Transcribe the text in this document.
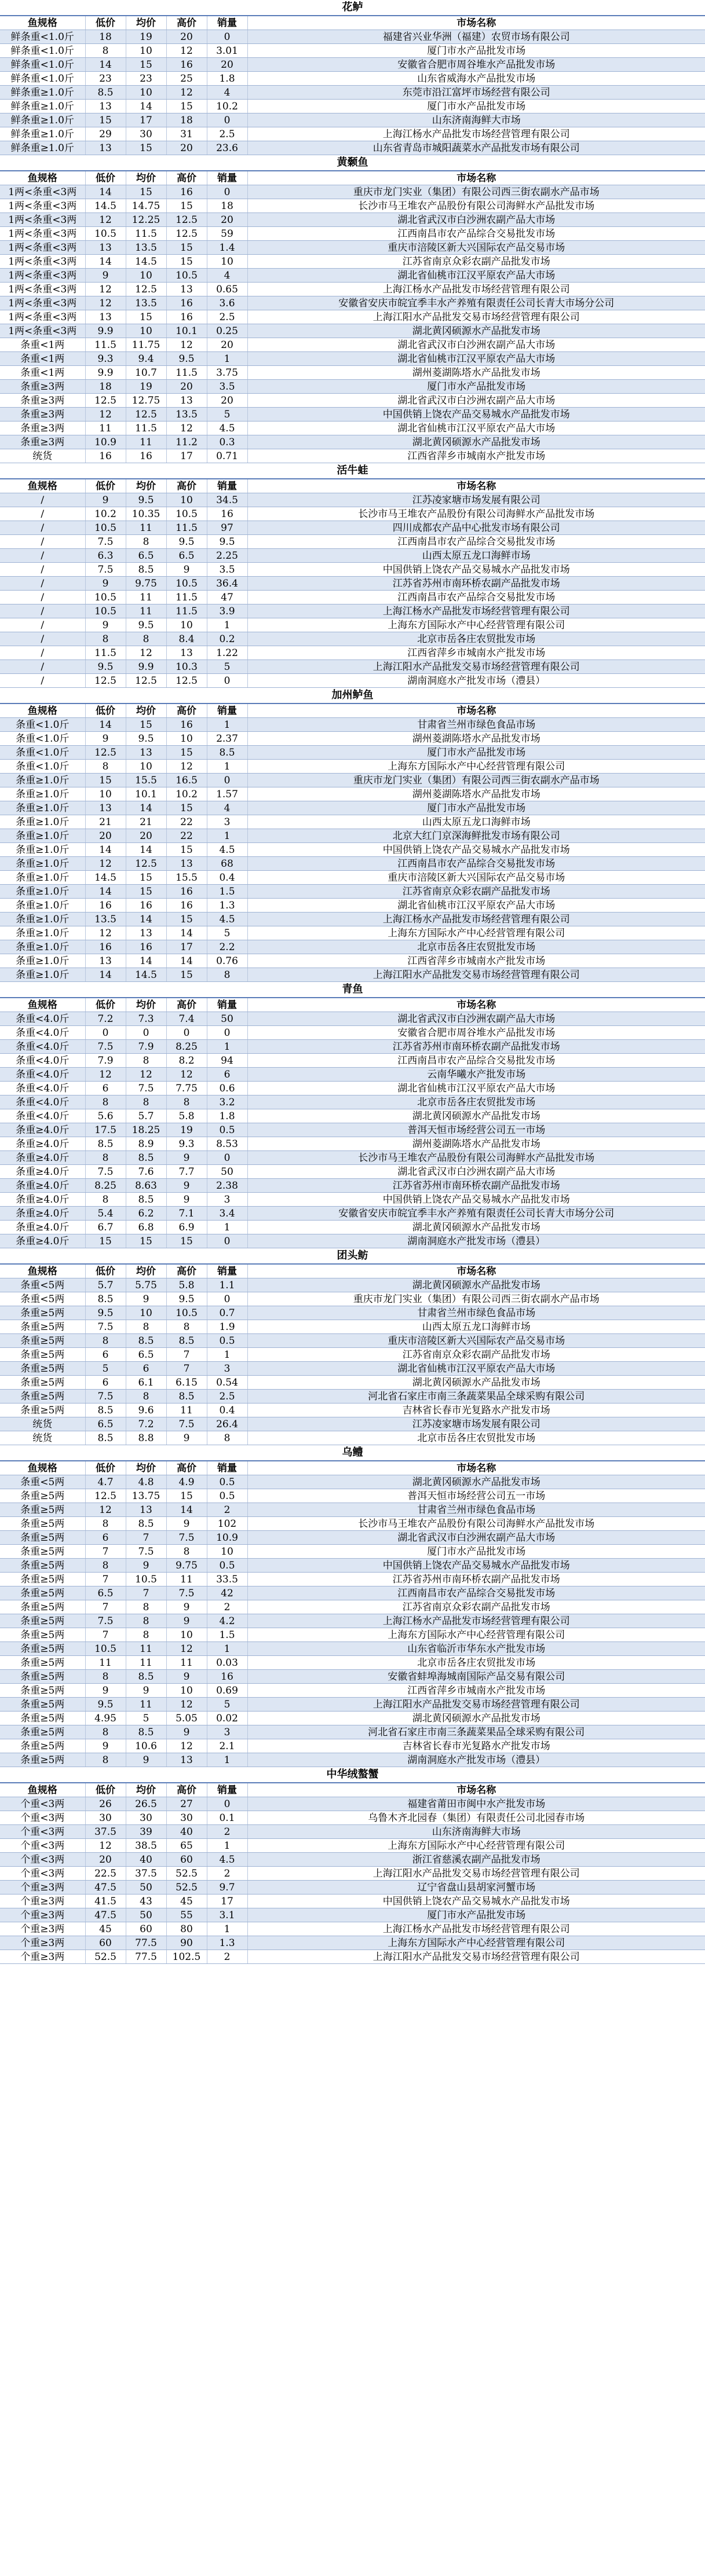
花鲈					
鱼规格	低价	均价	高价	销量	市场名称
鲜条重<1.0斤	18	19	20	0	福建省兴业华洲（福建）农贸市场有限公司
鲜条重<1.0斤	8	10	12	3.01	厦门市水产品批发市场
鲜条重<1.0斤	14	15	16	20	安徽省合肥市周谷堆水产品批发市场
鲜条重<1.0斤	23	23	25	1.8	山东省威海水产品批发市场
鲜条重≥1.0斤	8.5	10	12	4	东莞市沿江富坪市场经营有限公司
鲜条重≥1.0斤	13	14	15	10.2	厦门市水产品批发市场
鲜条重≥1.0斤	15	17	18	0	山东济南海鲜大市场
鲜条重≥1.0斤	29	30	31	2.5	上海江杨水产品批发市场经营管理有限公司
鲜条重≥1.0斤	13	15	20	23.6	山东省青岛市城阳蔬菜水产品批发市场有限公司
黄颡鱼					
鱼规格	低价	均价	高价	销量	市场名称
1两<条重<3两	14	15	16	0	重庆市龙门实业（集团）有限公司西三街农副水产品市场
1两<条重<3两	14.5	14.75	15	18	长沙市马王堆农产品股份有限公司海鲜水产品批发市场
1两<条重<3两	12	12.25	12.5	20	湖北省武汉市白沙洲农副产品大市场
1两<条重<3两	10.5	11.5	12.5	59	江西南昌市农产品综合交易批发市场
1两<条重<3两	13	13.5	15	1.4	重庆市涪陵区新大兴国际农产品交易市场
1两<条重<3两	14	14.5	15	10	江苏省南京众彩农副产品批发市场
1两<条重<3两	9	10	10.5	4	湖北省仙桃市江汉平原农产品大市场
1两<条重<3两	12	12.5	13	0.65	上海江杨水产品批发市场经营管理有限公司
1两<条重<3两	12	13.5	16	3.6	安徽省安庆市皖宜季丰水产养殖有限责任公司长青大市场分公司
1两<条重<3两	13	15	16	2.5	上海江阳水产品批发交易市场经营管理有限公司
1两<条重<3两	9.9	10	10.1	0.25	湖北黄冈硕源水产品批发市场
条重<1两	11.5	11.75	12	20	湖北省武汉市白沙洲农副产品大市场
条重<1两	9.3	9.4	9.5	1	湖北省仙桃市江汉平原农产品大市场
条重<1两	9.9	10.7	11.5	3.75	湖州菱湖陈塔水产品批发市场
条重≥3两	18	19	20	3.5	厦门市水产品批发市场
条重≥3两	12.5	12.75	13	20	湖北省武汉市白沙洲农副产品大市场
条重≥3两	12	12.5	13.5	5	中国供销上饶农产品交易城水产品批发市场
条重≥3两	11	11.5	12	4.5	湖北省仙桃市江汉平原农产品大市场
条重≥3两	10.9	11	11.2	0.3	湖北黄冈硕源水产品批发市场
统货	16	16	17	0.71	江西省萍乡市城南水产批发市场
活牛蛙					
鱼规格	低价	均价	高价	销量	市场名称
/	9	9.5	10	34.5	江苏凌家塘市场发展有限公司
/	10.2	10.35	10.5	16	长沙市马王堆农产品股份有限公司海鲜水产品批发市场
/	10.5	11	11.5	97	四川成都农产品中心批发市场有限公司
/	7.5	8	9.5	9.5	江西南昌市农产品综合交易批发市场
/	6.3	6.5	6.5	2.25	山西太原五龙口海鲜市场
/	7.5	8.5	9	3.5	中国供销上饶农产品交易城水产品批发市场
/	9	9.75	10.5	36.4	江苏省苏州市南环桥农副产品批发市场
/	10.5	11	11.5	47	江西南昌市农产品综合交易批发市场
/	10.5	11	11.5	3.9	上海江杨水产品批发市场经营管理有限公司
/	9	9.5	10	1	上海东方国际水产中心经营管理有限公司
/	8	8	8.4	0.2	北京市岳各庄农贸批发市场
/	11.5	12	13	1.22	江西省萍乡市城南水产批发市场
/	9.5	9.9	10.3	5	上海江阳水产品批发交易市场经营管理有限公司
/	12.5	12.5	12.5	0	湖南洞庭水产批发市场（澧县）
加州鲈鱼					
鱼规格	低价	均价	高价	销量	市场名称
条重<1.0斤	14	15	16	1	甘肃省兰州市绿色食品市场
条重<1.0斤	9	9.5	10	2.37	湖州菱湖陈塔水产品批发市场
条重<1.0斤	12.5	13	15	8.5	厦门市水产品批发市场
条重<1.0斤	8	10	12	1	上海东方国际水产中心经营管理有限公司
条重≥1.0斤	15	15.5	16.5	0	重庆市龙门实业（集团）有限公司西三街农副水产品市场
条重≥1.0斤	10	10.1	10.2	1.57	湖州菱湖陈塔水产品批发市场
条重≥1.0斤	13	14	15	4	厦门市水产品批发市场
条重≥1.0斤	21	21	22	3	山西太原五龙口海鲜市场
条重≥1.0斤	20	20	22	1	北京大红门京深海鲜批发市场有限公司
条重≥1.0斤	14	14	15	4.5	中国供销上饶农产品交易城水产品批发市场
条重≥1.0斤	12	12.5	13	68	江西南昌市农产品综合交易批发市场
条重≥1.0斤	14.5	15	15.5	0.4	重庆市涪陵区新大兴国际农产品交易市场
条重≥1.0斤	14	15	16	1.5	江苏省南京众彩农副产品批发市场
条重≥1.0斤	16	16	16	1.3	湖北省仙桃市江汉平原农产品大市场
条重≥1.0斤	13.5	14	15	4.5	上海江杨水产品批发市场经营管理有限公司
条重≥1.0斤	12	13	14	5	上海东方国际水产中心经营管理有限公司
条重≥1.0斤	16	16	17	2.2	北京市岳各庄农贸批发市场
条重≥1.0斤	13	14	14	0.76	江西省萍乡市城南水产批发市场
条重≥1.0斤	14	14.5	15	8	上海江阳水产品批发交易市场经营管理有限公司
青鱼					
鱼规格	低价	均价	高价	销量	市场名称
条重<4.0斤	7.2	7.3	7.4	50	湖北省武汉市白沙洲农副产品大市场
条重<4.0斤	0	0	0	0	安徽省合肥市周谷堆水产品批发市场
条重<4.0斤	7.5	7.9	8.25	1	江苏省苏州市南环桥农副产品批发市场
条重<4.0斤	7.9	8	8.2	94	江西南昌市农产品综合交易批发市场
条重<4.0斤	12	12	12	6	云南华曦水产批发市场
条重<4.0斤	6	7.5	7.75	0.6	湖北省仙桃市江汉平原农产品大市场
条重<4.0斤	8	8	8	3.2	北京市岳各庄农贸批发市场
条重<4.0斤	5.6	5.7	5.8	1.8	湖北黄冈硕源水产品批发市场
条重≥4.0斤	17.5	18.25	19	0.5	普洱天恒市场经营公司五一市场
条重≥4.0斤	8.5	8.9	9.3	8.53	湖州菱湖陈塔水产品批发市场
条重≥4.0斤	8	8.5	9	0	长沙市马王堆农产品股份有限公司海鲜水产品批发市场
条重≥4.0斤	7.5	7.6	7.7	50	湖北省武汉市白沙洲农副产品大市场
条重≥4.0斤	8.25	8.63	9	2.38	江苏省苏州市南环桥农副产品批发市场
条重≥4.0斤	8	8.5	9	3	中国供销上饶农产品交易城水产品批发市场
条重≥4.0斤	5.4	6.2	7.1	3.4	安徽省安庆市皖宜季丰水产养殖有限责任公司长青大市场分公司
条重≥4.0斤	6.7	6.8	6.9	1	湖北黄冈硕源水产品批发市场
条重≥4.0斤	15	15	15	0	湖南洞庭水产批发市场（澧县）
团头鲂					
鱼规格	低价	均价	高价	销量	市场名称
条重<5两	5.7	5.75	5.8	1.1	湖北黄冈硕源水产品批发市场
条重<5两	8.5	9	9.5	0	重庆市龙门实业（集团）有限公司西三街农副水产品市场
条重≥5两	9.5	10	10.5	0.7	甘肃省兰州市绿色食品市场
条重≥5两	7.5	8	8	1.9	山西太原五龙口海鲜市场
条重≥5两	8	8.5	8.5	0.5	重庆市涪陵区新大兴国际农产品交易市场
条重≥5两	6	6.5	7	1	江苏省南京众彩农副产品批发市场
条重≥5两	5	6	7	3	湖北省仙桃市江汉平原农产品大市场
条重≥5两	6	6.1	6.15	0.54	湖北黄冈硕源水产品批发市场
条重≥5两	7.5	8	8.5	2.5	河北省石家庄市南三条蔬菜果品全球采购有限公司
条重≥5两	8.5	9.6	11	0.4	吉林省长春市光复路水产批发市场
统货	6.5	7.2	7.5	26.4	江苏凌家塘市场发展有限公司
统货	8.5	8.8	9	8	北京市岳各庄农贸批发市场
乌鳢					
鱼规格	低价	均价	高价	销量	市场名称
条重<5两	4.7	4.8	4.9	0.5	湖北黄冈硕源水产品批发市场
条重≥5两	12.5	13.75	15	0.5	普洱天恒市场经营公司五一市场
条重≥5两	12	13	14	2	甘肃省兰州市绿色食品市场
条重≥5两	8	8.5	9	102	长沙市马王堆农产品股份有限公司海鲜水产品批发市场
条重≥5两	6	7	7.5	10.9	湖北省武汉市白沙洲农副产品大市场
条重≥5两	7	7.5	8	10	厦门市水产品批发市场
条重≥5两	8	9	9.75	0.5	中国供销上饶农产品交易城水产品批发市场
条重≥5两	7	10.5	11	33.5	江苏省苏州市南环桥农副产品批发市场
条重≥5两	6.5	7	7.5	42	江西南昌市农产品综合交易批发市场
条重≥5两	7	8	9	2	江苏省南京众彩农副产品批发市场
条重≥5两	7.5	8	9	4.2	上海江杨水产品批发市场经营管理有限公司
条重≥5两	7	8	10	1.5	上海东方国际水产中心经营管理有限公司
条重≥5两	10.5	11	12	1	山东省临沂市华东水产批发市场
条重≥5两	11	11	11	0.03	北京市岳各庄农贸批发市场
条重≥5两	8	8.5	9	16	安徽省蚌埠海城南国际产品交易有限公司
条重≥5两	9	9	10	0.69	江西省萍乡市城南水产批发市场
条重≥5两	9.5	11	12	5	上海江阳水产品批发交易市场经营管理有限公司
条重≥5两	4.95	5	5.05	0.02	湖北黄冈硕源水产品批发市场
条重≥5两	8	8.5	9	3	河北省石家庄市南三条蔬菜果品全球采购有限公司
条重≥5两	9	10.6	12	2.1	吉林省长春市光复路水产批发市场
条重≥5两	8	9	13	1	湖南洞庭水产批发市场（澧县）
中华绒螯蟹					
鱼规格	低价	均价	高价	销量	市场名称
个重<3两	26	26.5	27	0	福建省莆田市闽中水产批发市场
个重<3两	30	30	30	0.1	乌鲁木齐北园春（集团）有限责任公司北园春市场
个重<3两	37.5	39	40	2	山东济南海鲜大市场
个重<3两	12	38.5	65	1	上海东方国际水产中心经营管理有限公司
个重<3两	20	40	60	4.5	浙江省慈溪农副产品批发市场
个重<3两	22.5	37.5	52.5	2	上海江阳水产品批发交易市场经营管理有限公司
个重≥3两	47.5	50	52.5	9.7	辽宁省盘山县胡家河蟹市场
个重≥3两	41.5	43	45	17	中国供销上饶农产品交易城水产品批发市场
个重≥3两	47.5	50	55	3.1	厦门市水产品批发市场
个重≥3两	45	60	80	1	上海江杨水产品批发市场经营管理有限公司
个重≥3两	60	77.5	90	1.3	上海东方国际水产中心经营管理有限公司
个重≥3两	52.5	77.5	102.5	2	上海江阳水产品批发交易市场经营管理有限公司
